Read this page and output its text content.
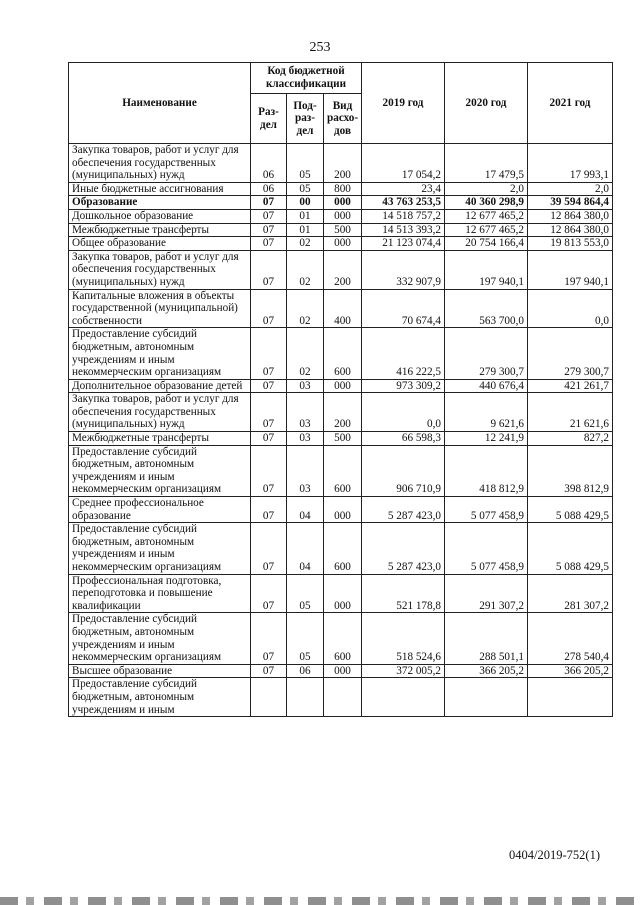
253
Наименование	Код бюджетной классификации			2019 год	2020 год	2021 год
	Раз-дел	Под-раз-дел	Вид расхо-дов			
Закупка товаров, работ и услуг для обеспечения государственных (муниципальных) нужд	06	05	200	17 054,2	17 479,5	17 993,1
Иные бюджетные ассигнования	06	05	800	23,4	2,0	2,0
Образование	07	00	000	43 763 253,5	40 360 298,9	39 594 864,4
Дошкольное образование	07	01	000	14 518 757,2	12 677 465,2	12 864 380,0
Межбюджетные трансферты	07	01	500	14 513 393,2	12 677 465,2	12 864 380,0
Общее образование	07	02	000	21 123 074,4	20 754 166,4	19 813 553,0
Закупка товаров, работ и услуг для обеспечения государственных (муниципальных) нужд	07	02	200	332 907,9	197 940,1	197 940,1
Капитальные вложения в объекты государственной (муниципальной) собственности	07	02	400	70 674,4	563 700,0	0,0
Предоставление субсидий бюджетным, автономным учреждениям и иным некоммерческим организациям	07	02	600	416 222,5	279 300,7	279 300,7
Дополнительное образование детей	07	03	000	973 309,2	440 676,4	421 261,7
Закупка товаров, работ и услуг для обеспечения государственных (муниципальных) нужд	07	03	200	0,0	9 621,6	21 621,6
Межбюджетные трансферты	07	03	500	66 598,3	12 241,9	827,2
Предоставление субсидий бюджетным, автономным учреждениям и иным некоммерческим организациям	07	03	600	906 710,9	418 812,9	398 812,9
Среднее профессиональное образование	07	04	000	5 287 423,0	5 077 458,9	5 088 429,5
Предоставление субсидий бюджетным, автономным учреждениям и иным некоммерческим организациям	07	04	600	5 287 423,0	5 077 458,9	5 088 429,5
Профессиональная подготовка, переподготовка и повышение квалификации	07	05	000	521 178,8	291 307,2	281 307,2
Предоставление субсидий бюджетным, автономным учреждениям и иным некоммерческим организациям	07	05	600	518 524,6	288 501,1	278 540,4
Высшее образование	07	06	000	372 005,2	366 205,2	366 205,2
Предоставление субсидий бюджетным, автономным учреждениям и иным						
0404/2019-752(1)
